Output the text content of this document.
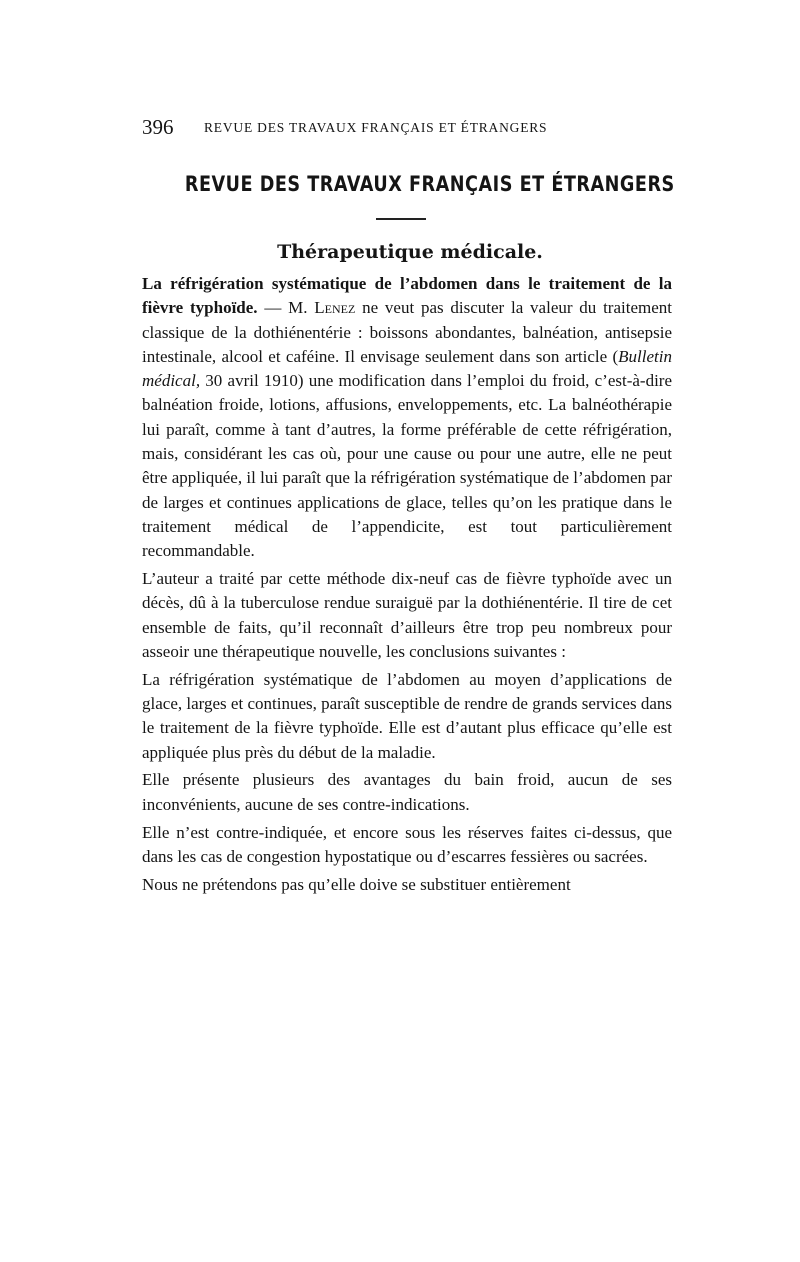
396 REVUE DES TRAVAUX FRANÇAIS ET ÉTRANGERS
REVUE DES TRAVAUX FRANÇAIS ET ÉTRANGERS
Thérapeutique médicale.

La réfrigération systématique de l’abdomen dans le traitement de la fièvre typhoïde. — M. Lenez ne veut pas discuter la valeur du traitement classique de la dothiénentérie : boissons abondantes, balnéation, antisepsie intestinale, alcool et caféine. Il envisage seulement dans son article (Bulletin médical, 30 avril 1910) une modification dans l’emploi du froid, c’est-à-dire balnéation froide, lotions, affusions, enveloppements, etc. La balnéothérapie lui paraît, comme à tant d’autres, la forme préférable de cette réfrigération, mais, considérant les cas où, pour une cause ou pour une autre, elle ne peut être appliquée, il lui paraît que la réfrigération systématique de l’abdomen par de larges et continues applications de glace, telles qu’on les pratique dans le traitement médical de l’appendicite, est tout particulièrement recommandable.

L’auteur a traité par cette méthode dix-neuf cas de fièvre typhoïde avec un décès, dû à la tuberculose rendue suraiguë par la dothiénentérie. Il tire de cet ensemble de faits, qu’il reconnaît d’ailleurs être trop peu nombreux pour asseoir une thérapeutique nouvelle, les conclusions suivantes :

La réfrigération systématique de l’abdomen au moyen d’applications de glace, larges et continues, paraît susceptible de rendre de grands services dans le traitement de la fièvre typhoïde. Elle est d’autant plus efficace qu’elle est appliquée plus près du début de la maladie.

Elle présente plusieurs des avantages du bain froid, aucun de ses inconvénients, aucune de ses contre-indications.

Elle n’est contre-indiquée, et encore sous les réserves faites ci-dessus, que dans les cas de congestion hypostatique ou d’escarres fessières ou sacrées.

Nous ne prétendons pas qu’elle doive se substituer entièrement
